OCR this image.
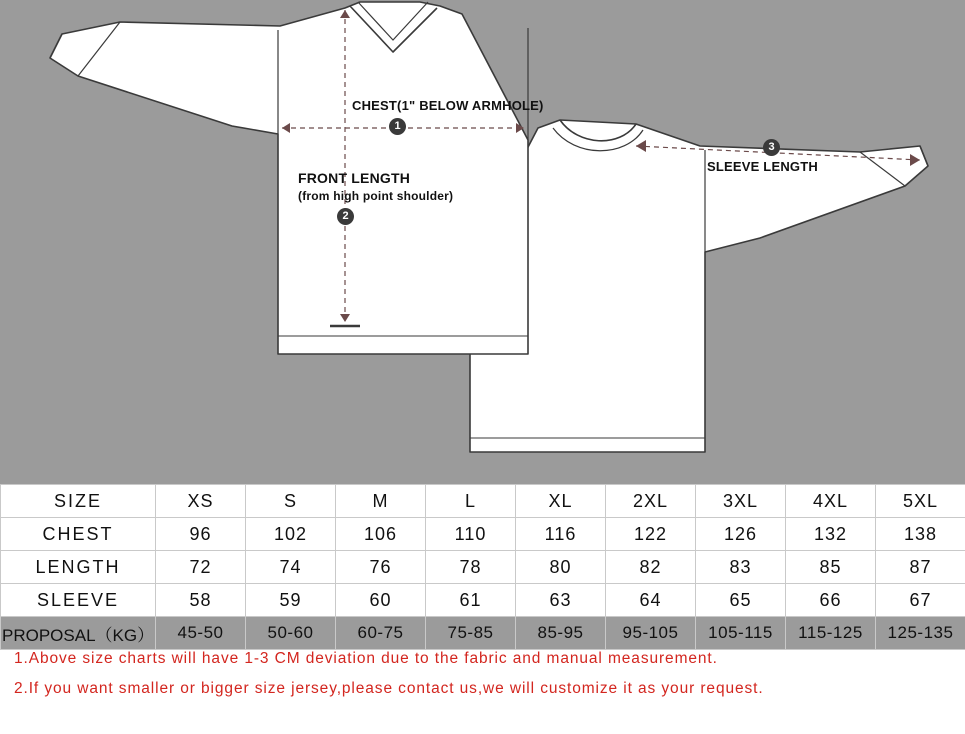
CHEST(1" BELOW ARMHOLE)
FRONT LENGTH
(from high point shoulder)
SLEEVE LENGTH
1
2
3
SIZE	XS	S	M	L	XL	2XL	3XL	4XL	5XL
CHEST	96	102	106	110	116	122	126	132	138
LENGTH	72	74	76	78	80	82	83	85	87
SLEEVE	58	59	60	61	63	64	65	66	67
PROPOSAL（KG）	45-50	50-60	60-75	75-85	85-95	95-105	105-115	115-125	125-135
1.Above size charts will have 1-3 CM deviation due to the fabric and manual measurement.
2.If you want smaller or bigger size jersey,please contact us,we will customize it as your request.
